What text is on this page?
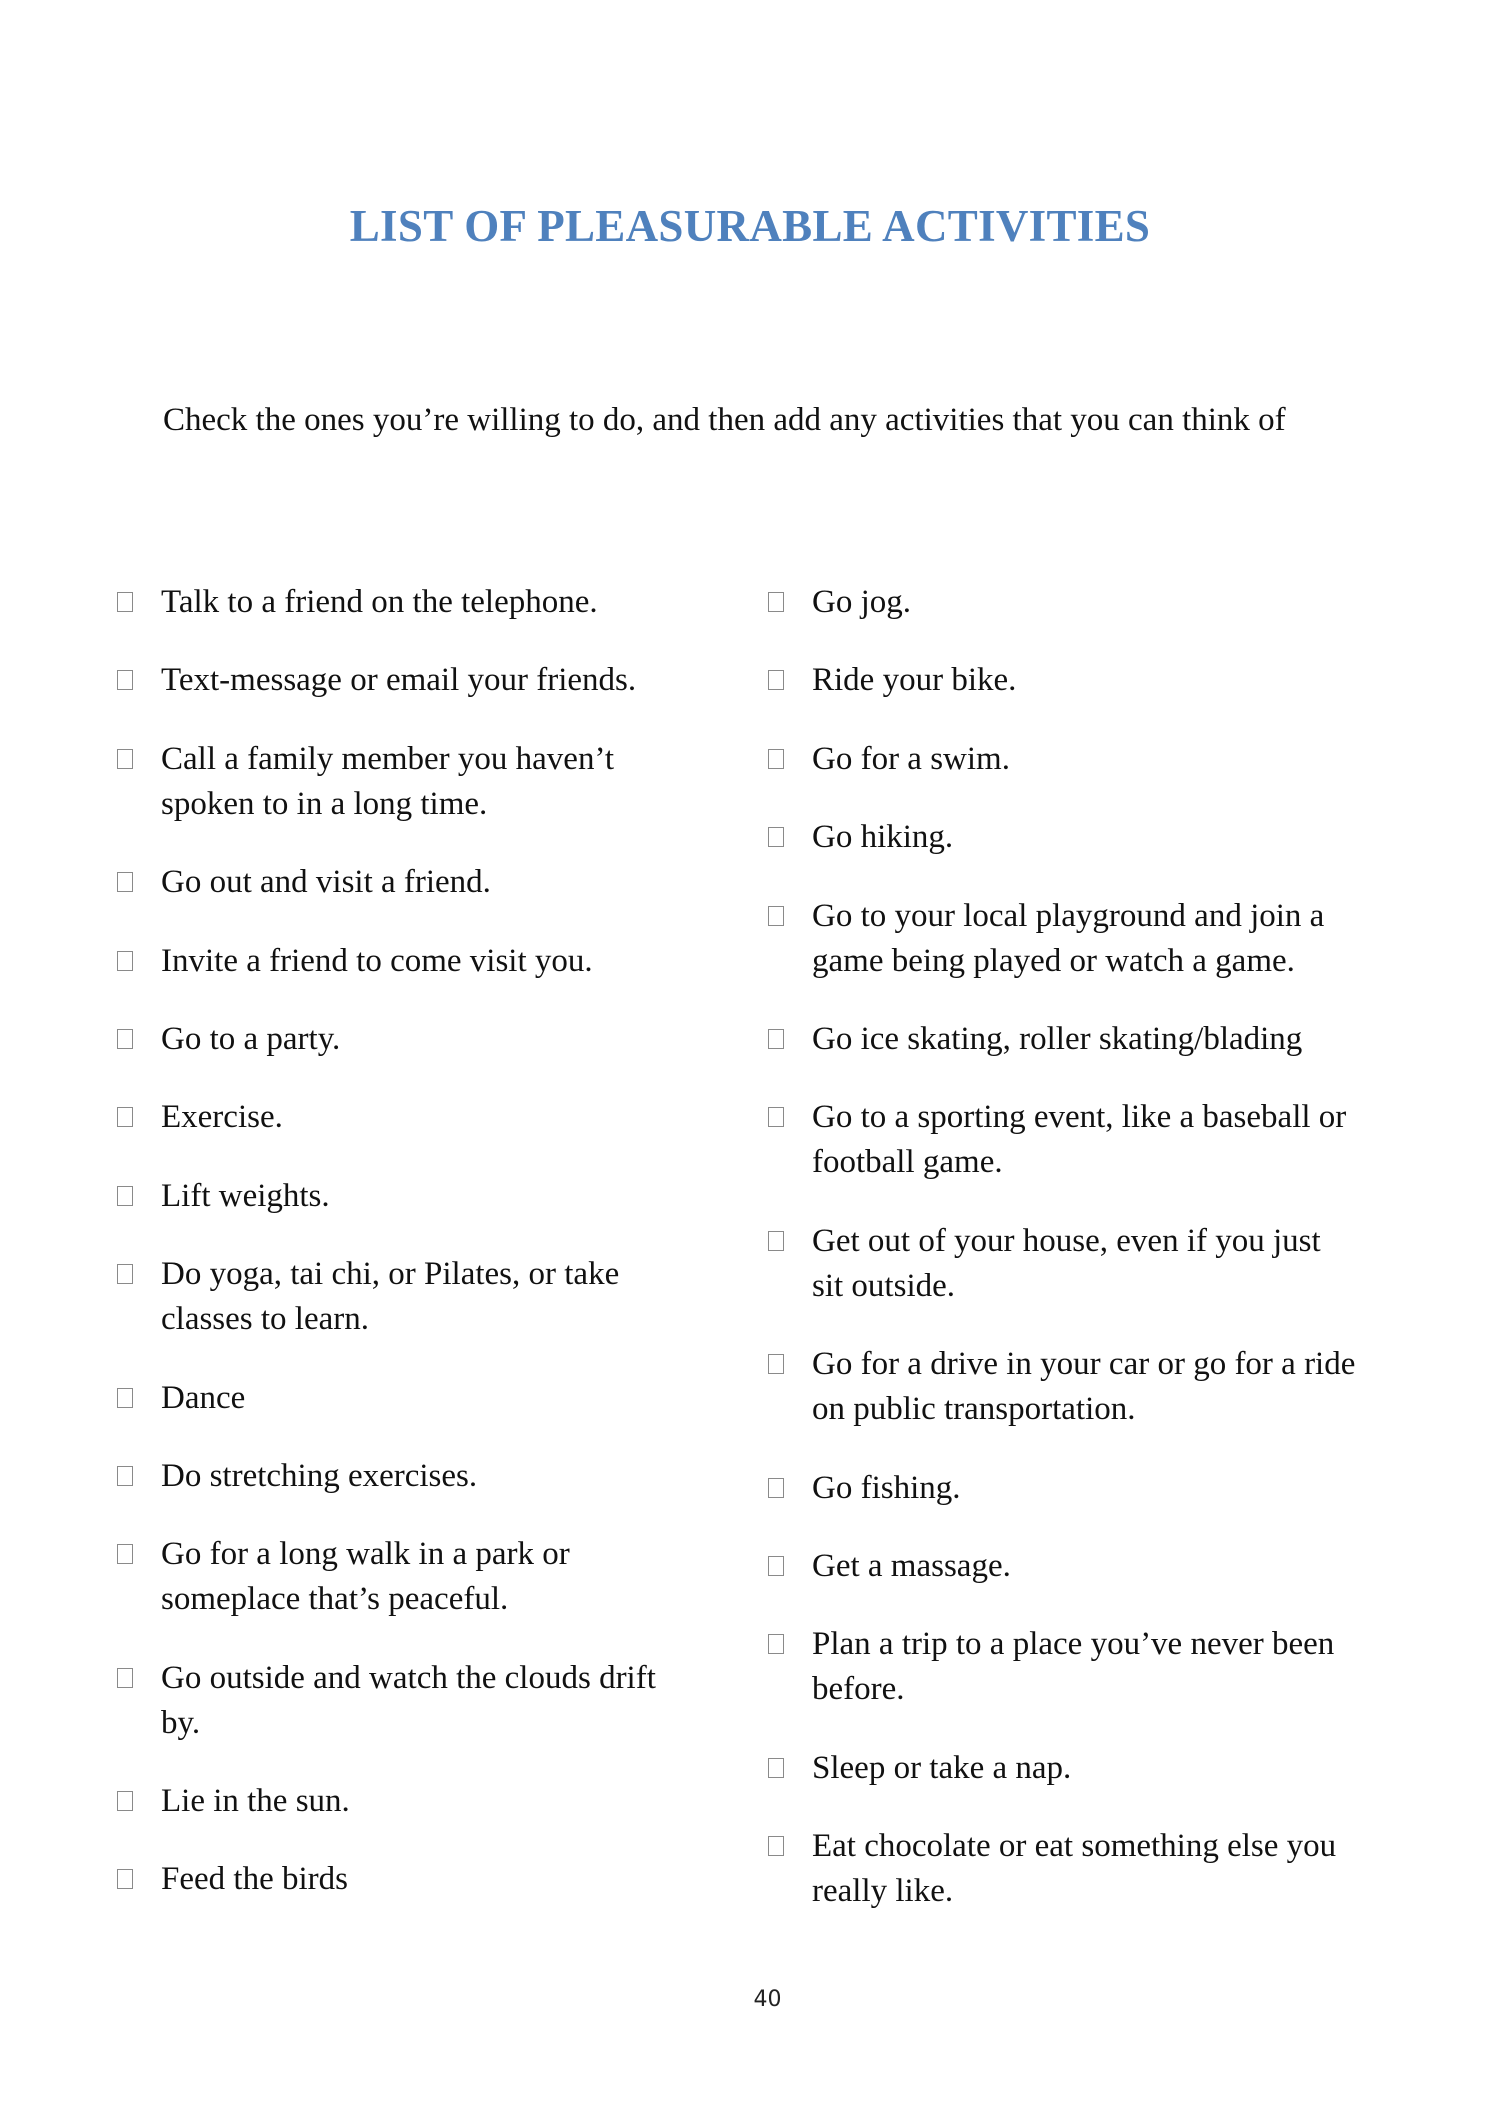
LIST OF PLEASURABLE ACTIVITIES

Check the ones you’re willing to do, and then add any activities that you can think of

Talk to a friend on the telephone.
Text-message or email your friends.
Call a family member you haven’t spoken to in a long time.
Go out and visit a friend.
Invite a friend to come visit you.
Go to a party.
Exercise.
Lift weights.
Do yoga, tai chi, or Pilates, or take classes to learn.
Dance
Do stretching exercises.
Go for a long walk in a park or someplace that’s peaceful.
Go outside and watch the clouds drift by.
Lie in the sun.
Feed the birds
Go jog.
Ride your bike.
Go for a swim.
Go hiking.
Go to your local playground and join a game being played or watch a game.
Go ice skating, roller skating/blading
Go to a sporting event, like a baseball or football game.
Get out of your house, even if you just sit outside.
Go for a drive in your car or go for a ride on public transportation.
Go fishing.
Get a massage.
Plan a trip to a place you’ve never been before.
Sleep or take a nap.
Eat chocolate or eat something else you really like.
40
